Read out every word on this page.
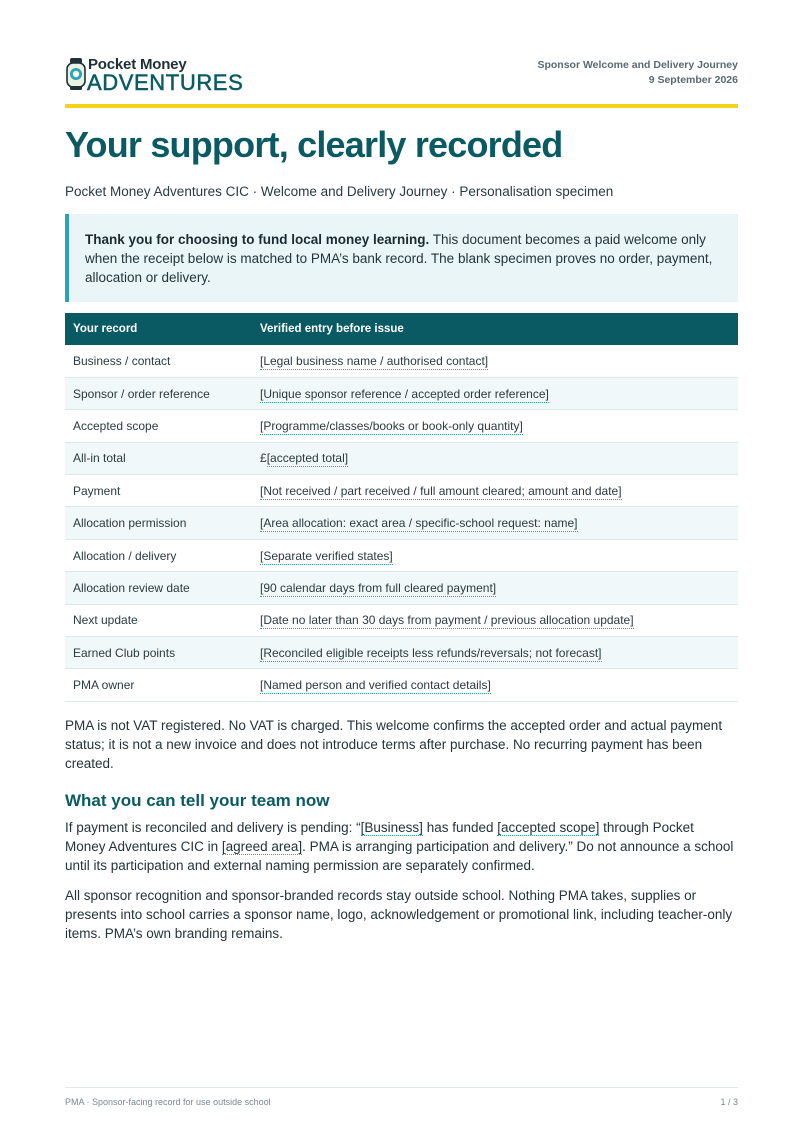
Pocket Money
ADVENTURES
Sponsor Welcome and Delivery Journey
9 September 2026
Your support, clearly recorded
Pocket Money Adventures CIC · Welcome and Delivery Journey · Personalisation specimen
Thank you for choosing to fund local money learning. This document becomes a paid welcome only when the receipt below is matched to PMA’s bank record. The blank specimen proves no order, payment, allocation or delivery.
Your record	Verified entry before issue
Business / contact	[Legal business name / authorised contact]
Sponsor / order reference	[Unique sponsor reference / accepted order reference]
Accepted scope	[Programme/classes/books or book-only quantity]
All-in total	£[accepted total]
Payment	[Not received / part received / full amount cleared; amount and date]
Allocation permission	[Area allocation: exact area / specific-school request: name]
Allocation / delivery	[Separate verified states]
Allocation review date	[90 calendar days from full cleared payment]
Next update	[Date no later than 30 days from payment / previous allocation update]
Earned Club points	[Reconciled eligible receipts less refunds/reversals; not forecast]
PMA owner	[Named person and verified contact details]

PMA is not VAT registered. No VAT is charged. This welcome confirms the accepted order and actual payment status; it is not a new invoice and does not introduce terms after purchase. No recurring payment has been created.

What you can tell your team now

If payment is reconciled and delivery is pending: “[Business] has funded [accepted scope] through Pocket Money Adventures CIC in [agreed area]. PMA is arranging participation and delivery.” Do not announce a school until its participation and external naming permission are separately confirmed.

All sponsor recognition and sponsor-branded records stay outside school. Nothing PMA takes, supplies or presents into school carries a sponsor name, logo, acknowledgement or promotional link, including teacher-only items. PMA’s own branding remains.

PMA · Sponsor-facing record for use outside school	1 / 3
